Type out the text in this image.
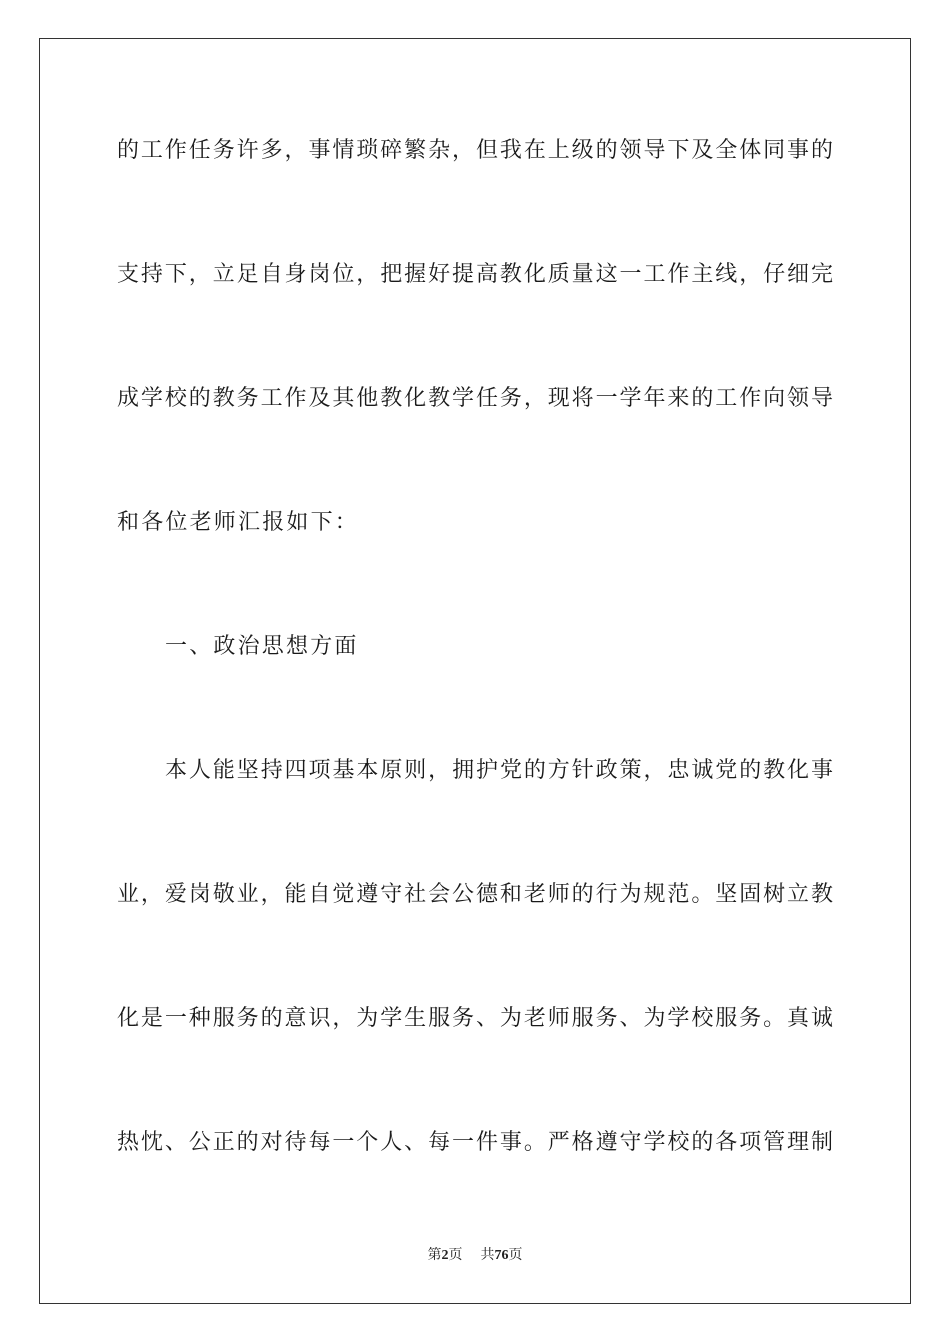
的工作任务许多，事情琐碎繁杂，但我在上级的领导下及全体同事的
支持下，立足自身岗位，把握好提高教化质量这一工作主线，仔细完
成学校的教务工作及其他教化教学任务，现将一学年来的工作向领导
和各位老师汇报如下：
一、政治思想方面
本人能坚持四项基本原则，拥护党的方针政策，忠诚党的教化事
业，爱岗敬业，能自觉遵守社会公德和老师的行为规范。坚固树立教
化是一种服务的意识，为学生服务、为老师服务、为学校服务。真诚
热忱、公正的对待每一个人、每一件事。严格遵守学校的各项管理制
第2页 共76页
